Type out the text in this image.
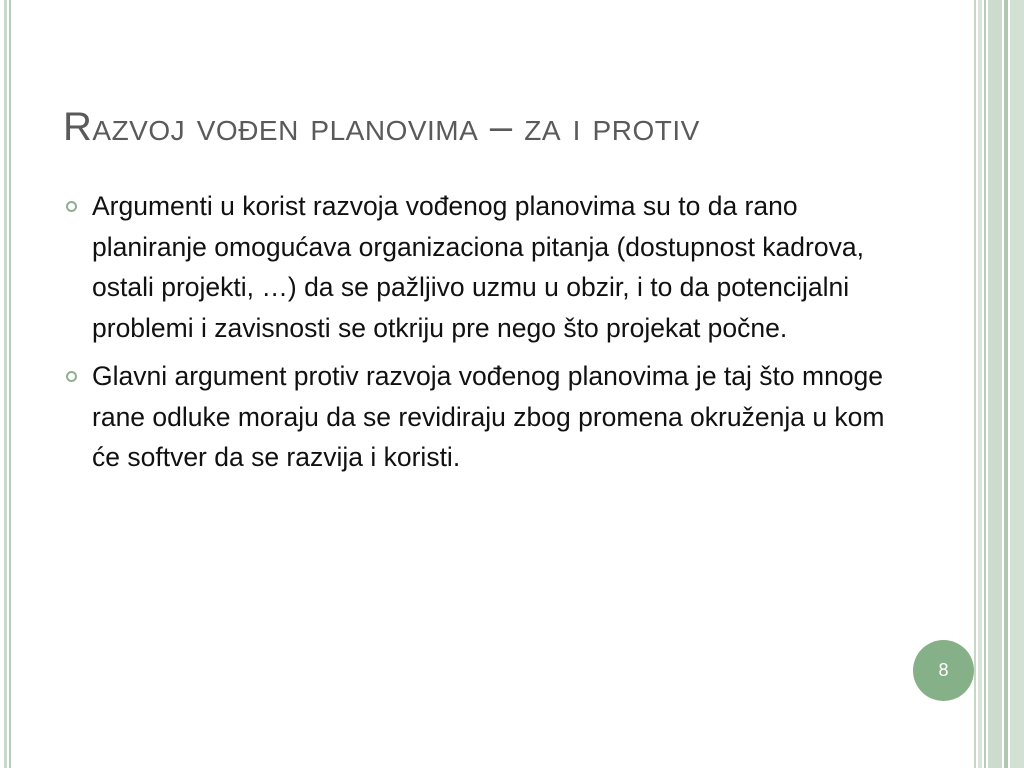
Razvoj vođen planovima – za i protiv
Argumenti u korist razvoja vođenog planovima su to da rano planiranje omogućava organizaciona pitanja (dostupnost kadrova, ostali projekti, …) da se pažljivo uzmu u obzir, i to da potencijalni problemi i zavisnosti se otkriju pre nego što projekat počne.
Glavni argument protiv razvoja vođenog planovima je taj što mnoge rane odluke moraju da se revidiraju zbog promena okruženja u kom će softver da se razvija i koristi.
8
